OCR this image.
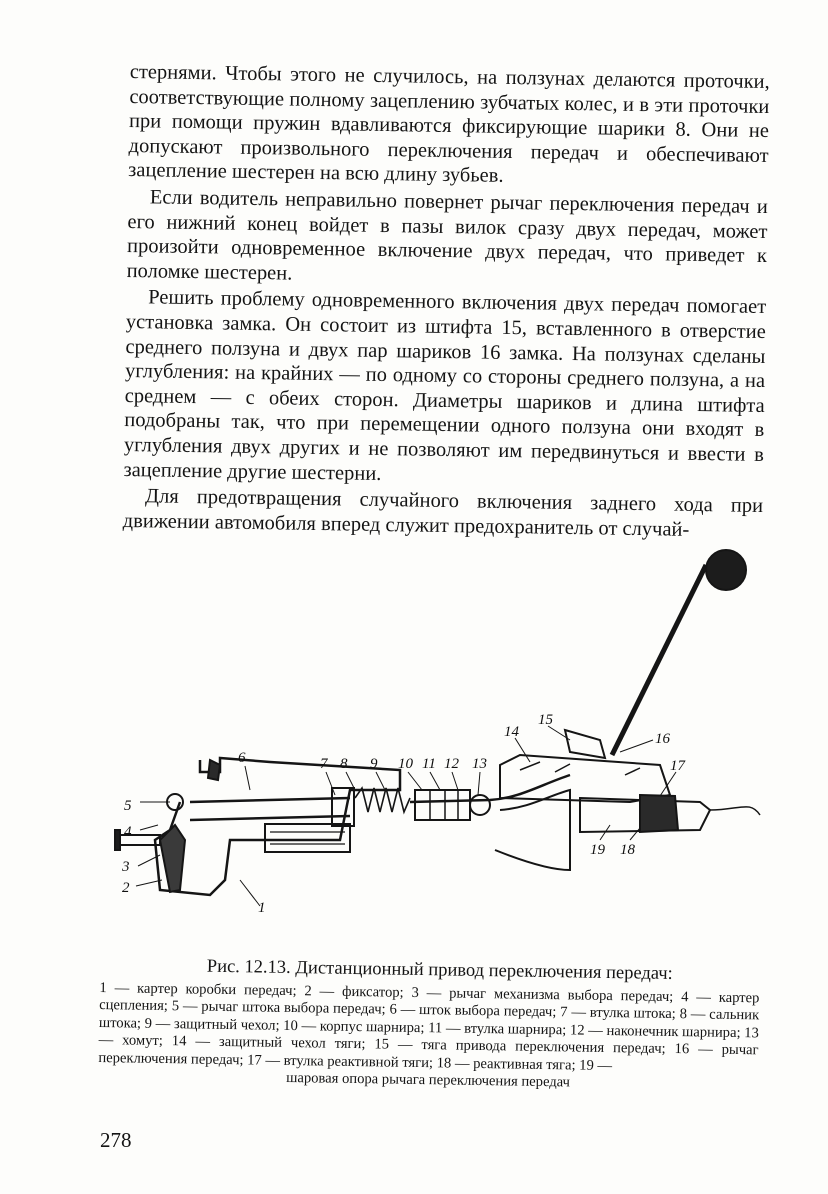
стернями. Чтобы этого не случилось, на ползунах делаются проточки, соответствующие полному зацеплению зубчатых колес, и в эти проточки при помощи пружин вдавливаются фиксирующие шарики 8. Они не допускают произвольного переключения передач и обеспечивают зацепление шестерен на всю длину зубьев.

Если водитель неправильно повернет рычаг переключения передач и его нижний конец войдет в пазы вилок сразу двух передач, может произойти одновременное включение двух передач, что приведет к поломке шестерен.

Решить проблему одновременного включения двух передач помогает установка замка. Он состоит из штифта 15, вставленного в отверстие среднего ползуна и двух пар шариков 16 замка. На ползунах сделаны углубления: на крайних — по одному со стороны среднего ползуна, а на среднем — с обеих сторон. Диаметры шариков и длина штифта подобраны так, что при перемещении одного ползуна они входят в углубления двух других и не позволяют им передвинуться и ввести в зацепление другие шестерни.

Для предотвращения случайного включения заднего хода при движении автомобиля вперед служит предохранитель от случай-

1
2
3
4
5
6	7 8 9 10 11 12 13
14
15
16
17
18
19

Рис. 12.13. Дистанционный привод переключения передач:

1 — картер коробки передач; 2 — фиксатор; 3 — рычаг механизма выбора передач; 4 — картер сцепления; 5 — рычаг штока выбора передач; 6 — шток выбора передач; 7 — втулка штока; 8 — сальник штока; 9 — защитный чехол; 10 — корпус шарнира; 11 — втулка шарнира; 12 — наконечник шарнира; 13 — хомут; 14 — защитный чехол тяги; 15 — тяга привода переключения передач; 16 — рычаг переключения передач; 17 — втулка реактивной тяги; 18 — реактивная тяга; 19 —

шаровая опора рычага переключения передач

278
